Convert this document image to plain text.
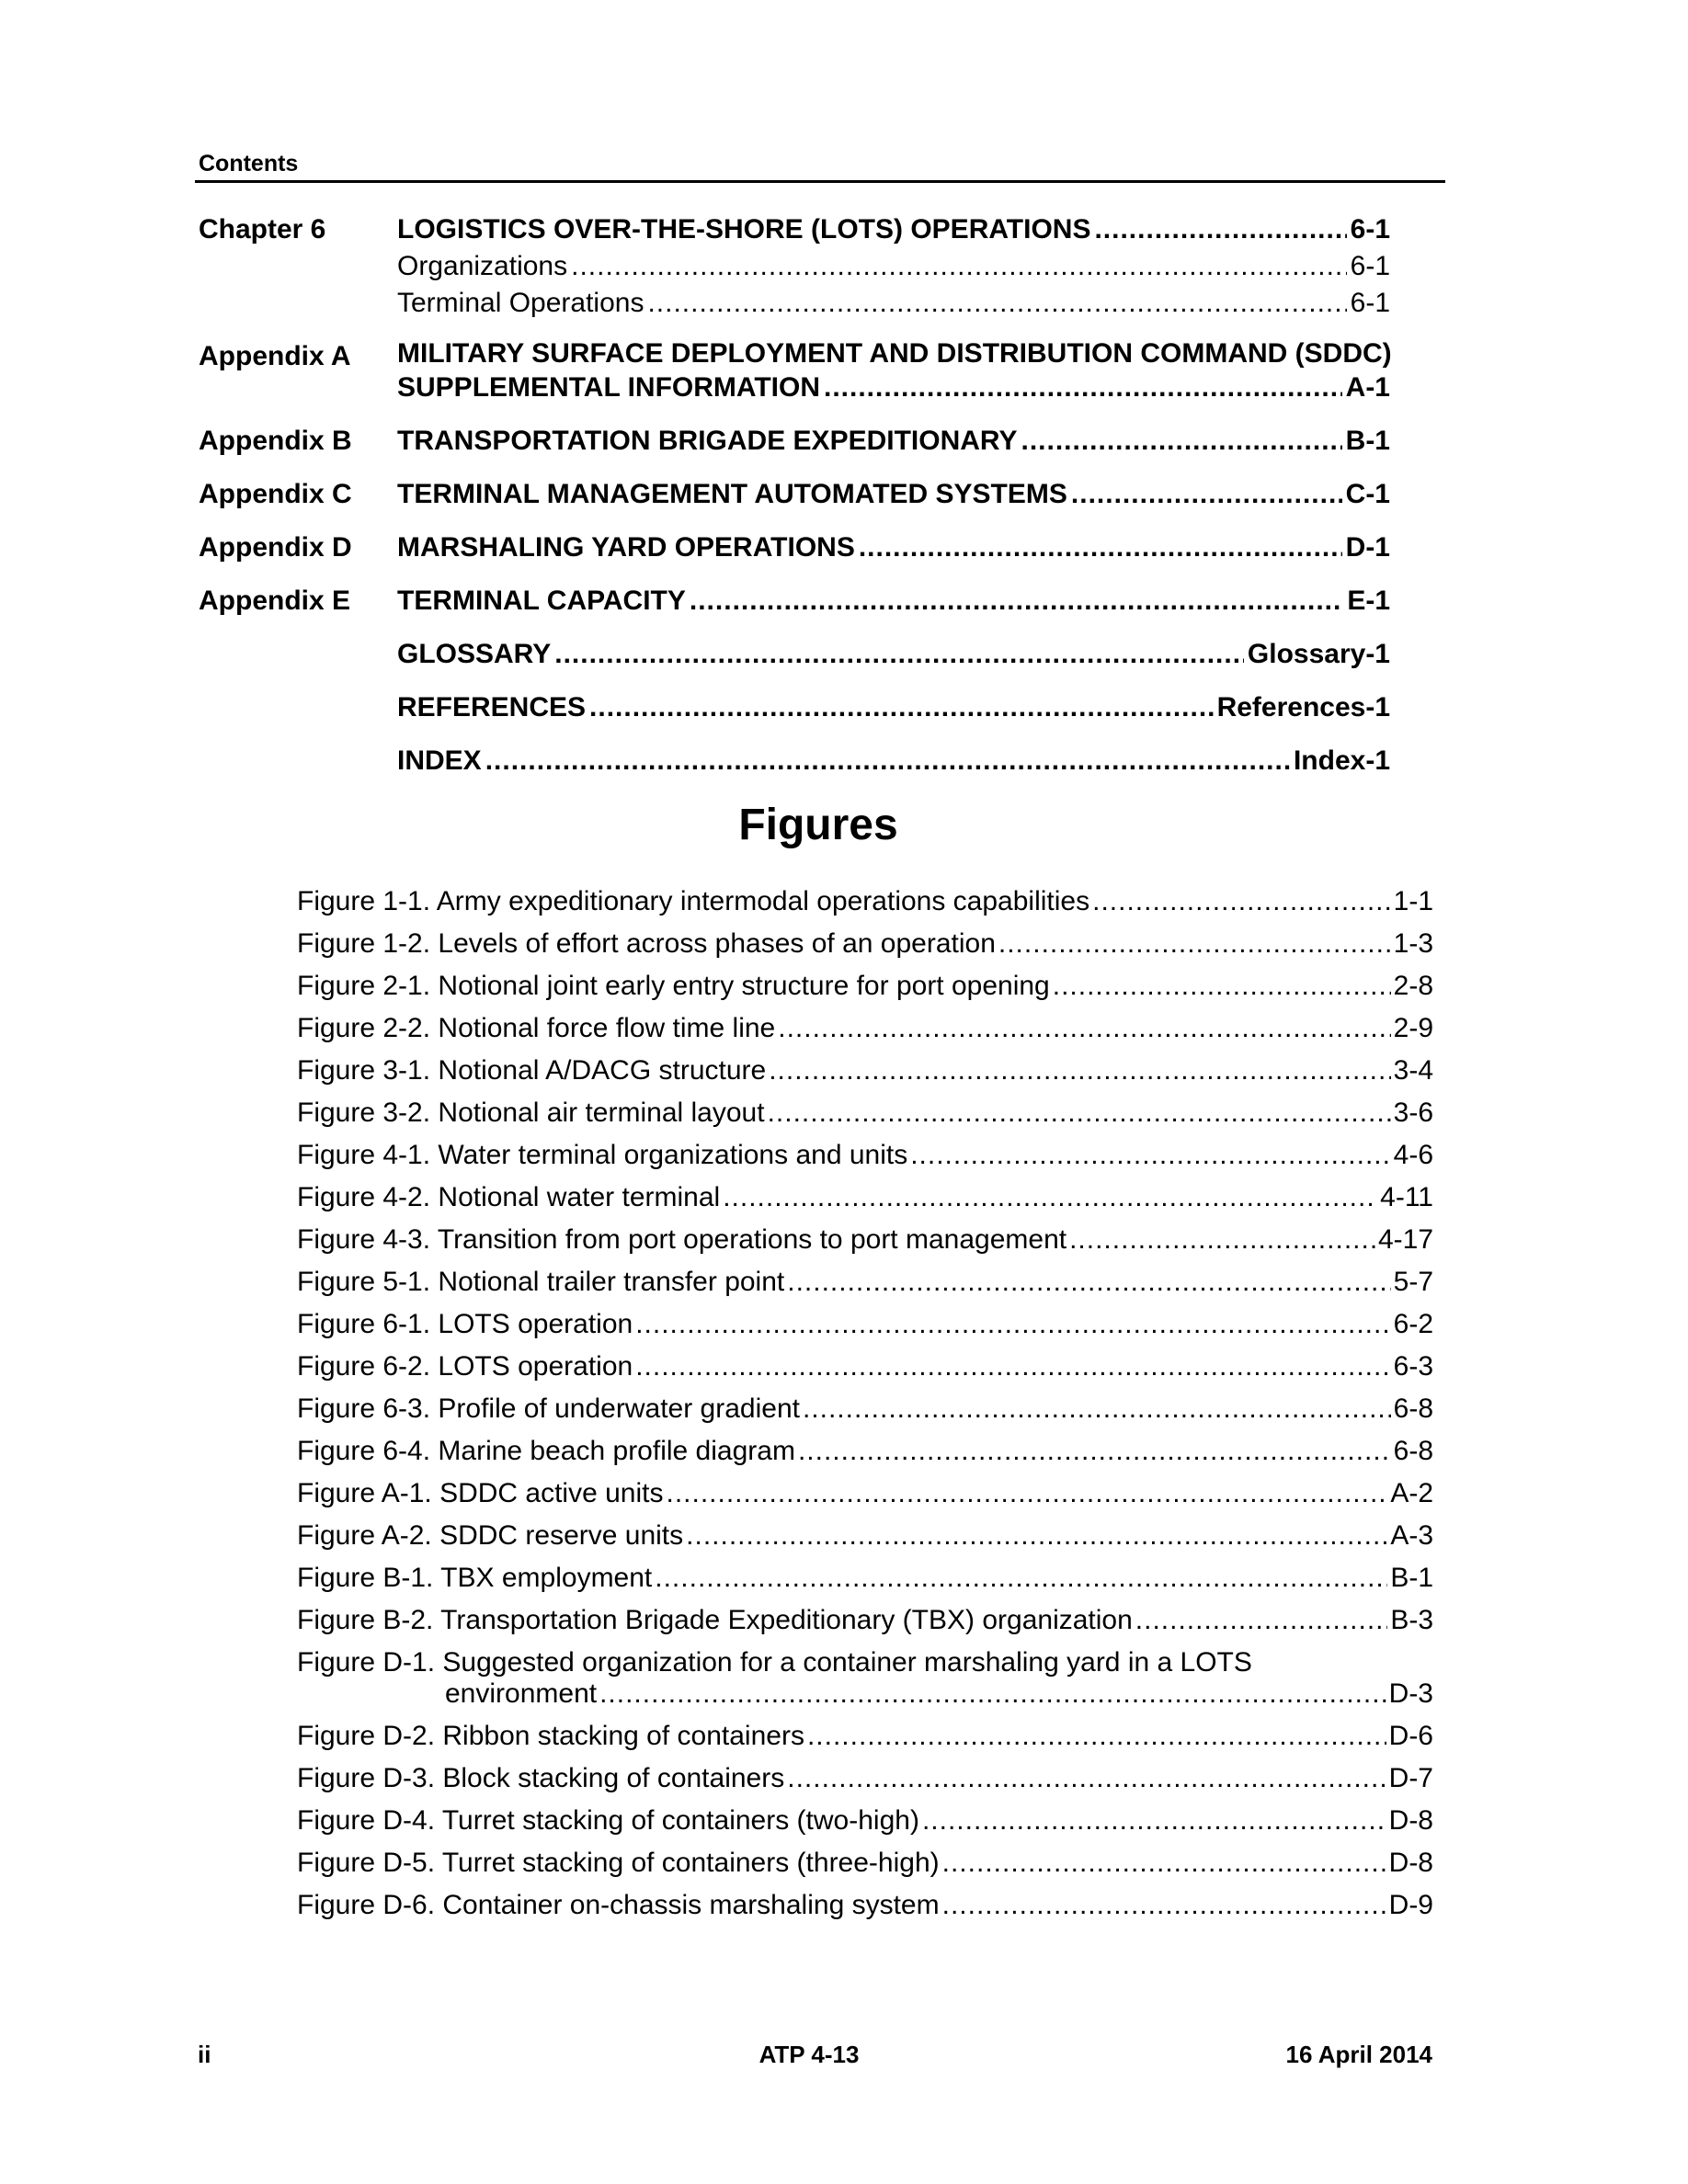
Contents
Chapter 6	LOGISTICS OVER-THE-SHORE (LOTS) OPERATIONS .....	6-1
Organizations .....	6-1
Terminal Operations .....	6-1
Appendix A	MILITARY SURFACE DEPLOYMENT AND DISTRIBUTION COMMAND (SDDC)
SUPPLEMENTAL INFORMATION .....	A-1
Appendix B	TRANSPORTATION BRIGADE EXPEDITIONARY .....	B-1
Appendix C	TERMINAL MANAGEMENT AUTOMATED SYSTEMS .....	C-1
Appendix D	MARSHALING YARD OPERATIONS .....	D-1
Appendix E	TERMINAL CAPACITY .....	E-1
GLOSSARY .....	Glossary-1
REFERENCES .....	References-1
INDEX .....	Index-1
Figures
Figure 1-1. Army expeditionary intermodal operations capabilities .....	1-1
Figure 1-2. Levels of effort across phases of an operation .....	1-3
Figure 2-1. Notional joint early entry structure for port opening .....	2-8
Figure 2-2. Notional force flow time line .....	2-9
Figure 3-1. Notional A/DACG structure .....	3-4
Figure 3-2. Notional air terminal layout .....	3-6
Figure 4-1. Water terminal organizations and units .....	4-6
Figure 4-2. Notional water terminal .....	4-11
Figure 4-3. Transition from port operations to port management .....	4-17
Figure 5-1. Notional trailer transfer point .....	5-7
Figure 6-1. LOTS operation .....	6-2
Figure 6-2. LOTS operation .....	6-3
Figure 6-3. Profile of underwater gradient .....	6-8
Figure 6-4. Marine beach profile diagram .....	6-8
Figure A-1. SDDC active units .....	A-2
Figure A-2. SDDC reserve units .....	A-3
Figure B-1. TBX employment .....	B-1
Figure B-2. Transportation Brigade Expeditionary (TBX) organization .....	B-3
Figure D-1. Suggested organization for a container marshaling yard in a LOTS
environment .....	D-3
Figure D-2. Ribbon stacking of containers .....	D-6
Figure D-3. Block stacking of containers .....	D-7
Figure D-4. Turret stacking of containers (two-high) .....	D-8
Figure D-5. Turret stacking of containers (three-high) .....	D-8
Figure D-6. Container on-chassis marshaling system .....	D-9
ii	ATP 4-13	16 April 2014
